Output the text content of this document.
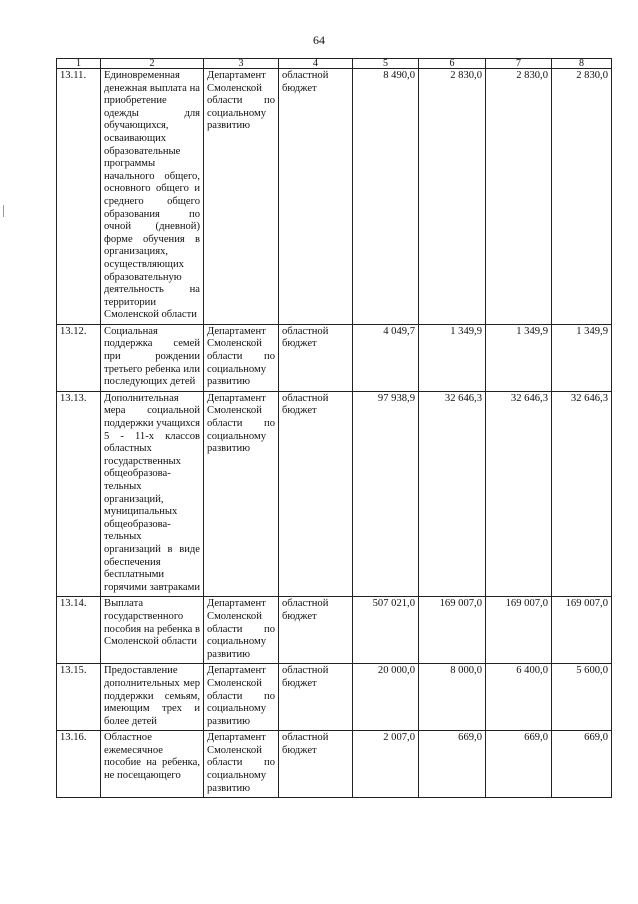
64
1	2	3	4	5	6	7	8
13.11.	Единовременная денежная выплата на приобретение одежды для обучающихся, осваивающих образовательные программы начального общего, основного общего и среднего общего образования по очной (дневной) форме обучения в организациях, осуществляющих образовательную деятельность на территории Смоленской области	Департамент Смоленской области по социальному развитию	областной бюджет	8 490,0	2 830,0	2 830,0	2 830,0
13.12.	Социальная поддержка семей при рождении третьего ребенка или последующих детей	Департамент Смоленской области по социальному развитию	областной бюджет	4 049,7	1 349,9	1 349,9	1 349,9
13.13.	Дополнительная мера социальной поддержки учащихся 5 - 11-х классов областных государственных общеобразова-тельных организаций, муниципальных общеобразова-тельных организаций в виде обеспечения бесплатными горячими завтраками	Департамент Смоленской области по социальному развитию	областной бюджет	97 938,9	32 646,3	32 646,3	32 646,3
13.14.	Выплата государственного пособия на ребенка в Смоленской области	Департамент Смоленской области по социальному развитию	областной бюджет	507 021,0	169 007,0	169 007,0	169 007,0
13.15.	Предоставление дополнительных мер поддержки семьям, имеющим трех и более детей	Департамент Смоленской области по социальному развитию	областной бюджет	20 000,0	8 000,0	6 400,0	5 600,0
13.16.	Областное ежемесячное пособие на ребенка, не посещающего	Департамент Смоленской области по социальному развитию	областной бюджет	2 007,0	669,0	669,0	669,0
